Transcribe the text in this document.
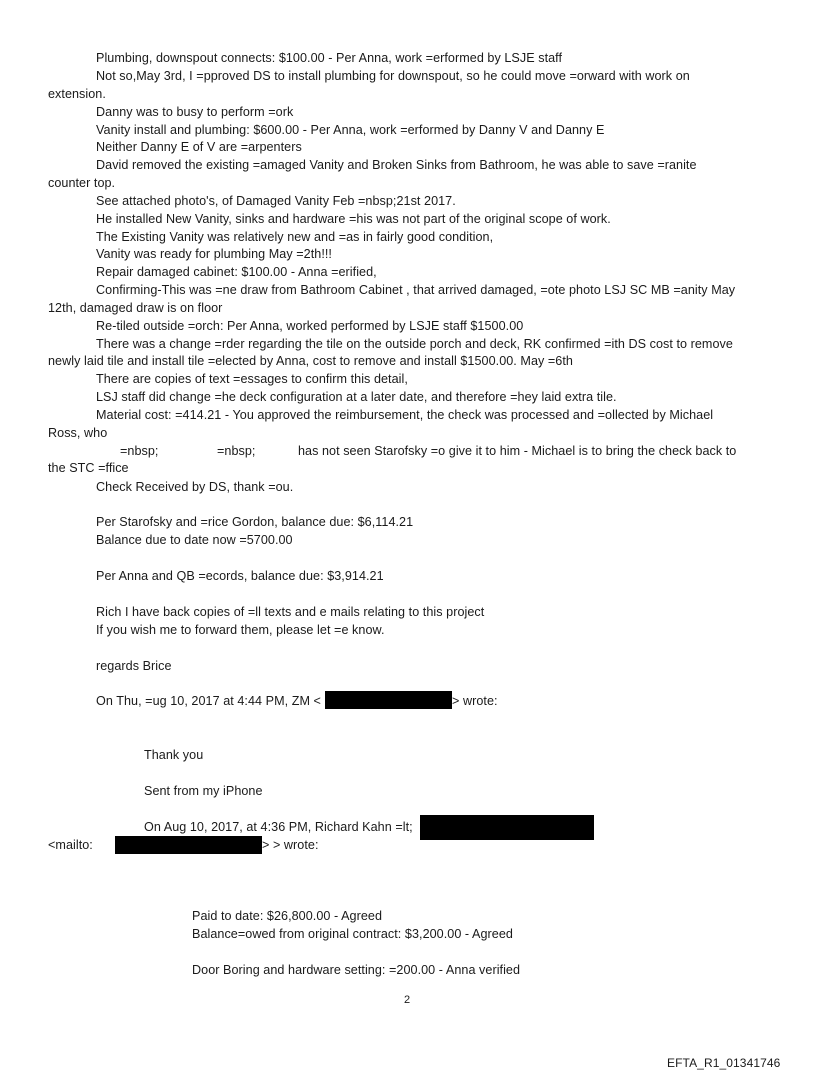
Plumbing, downspout connects: $100.00 - Per Anna, work =erformed by LSJE staff
Not so,May 3rd, I =pproved DS to install plumbing for downspout, so he could move =orward with work on
extension.
Danny was to busy to perform =ork
Vanity install and plumbing: $600.00 - Per Anna, work =erformed by Danny V and Danny E
Neither Danny E of V are =arpenters
David removed the existing =amaged Vanity and Broken Sinks from Bathroom, he was able to save =ranite
counter top.
See attached photo's, of Damaged Vanity Feb =nbsp;21st 2017.
He installed New Vanity, sinks and hardware =his was not part of the original scope of work.
The Existing Vanity was relatively new and =as in fairly good condition,
Vanity was ready for plumbing May =2th!!!
Repair damaged cabinet: $100.00 - Anna =erified,
Confirming-This was =ne draw from Bathroom Cabinet , that arrived damaged, =ote photo LSJ SC MB =anity May
12th, damaged draw is on floor
Re-tiled outside =orch: Per Anna, worked performed by LSJE staff $1500.00
There was a change =rder regarding the tile on the outside porch and deck, RK confirmed =ith DS cost to remove
newly laid tile and install tile =elected by Anna, cost to remove and install $1500.00. May =6th
There are copies of text =essages to confirm this detail,
LSJ staff did change =he deck configuration at a later date, and therefore =hey laid extra tile.
Material cost: =414.21 - You approved the reimbursement, the check was processed and =ollected by Michael
Ross, who
=nbsp;	=nbsp;	has not seen Starofsky =o give it to him - Michael is to bring the check back to
the STC =ffice
Check Received by DS, thank =ou.
Per Starofsky and =rice Gordon, balance due: $6,114.21
Balance due to date now =5700.00
Per Anna and QB =ecords, balance due: $3,914.21
Rich I have back copies of =ll texts and e mails relating to this project
If you wish me to forward them, please let =e know.
regards Brice
On Thu, =ug 10, 2017 at 4:44 PM, ZM <	> wrote:
Thank you
Sent from my iPhone
On Aug 10, 2017, at 4:36 PM, Richard Kahn =lt;
<mailto:	> > wrote:
Paid to date: $26,800.00 - Agreed
Balance=owed from original contract: $3,200.00 - Agreed
Door Boring and hardware setting: =200.00 - Anna verified
2
EFTA_R1_01341746
